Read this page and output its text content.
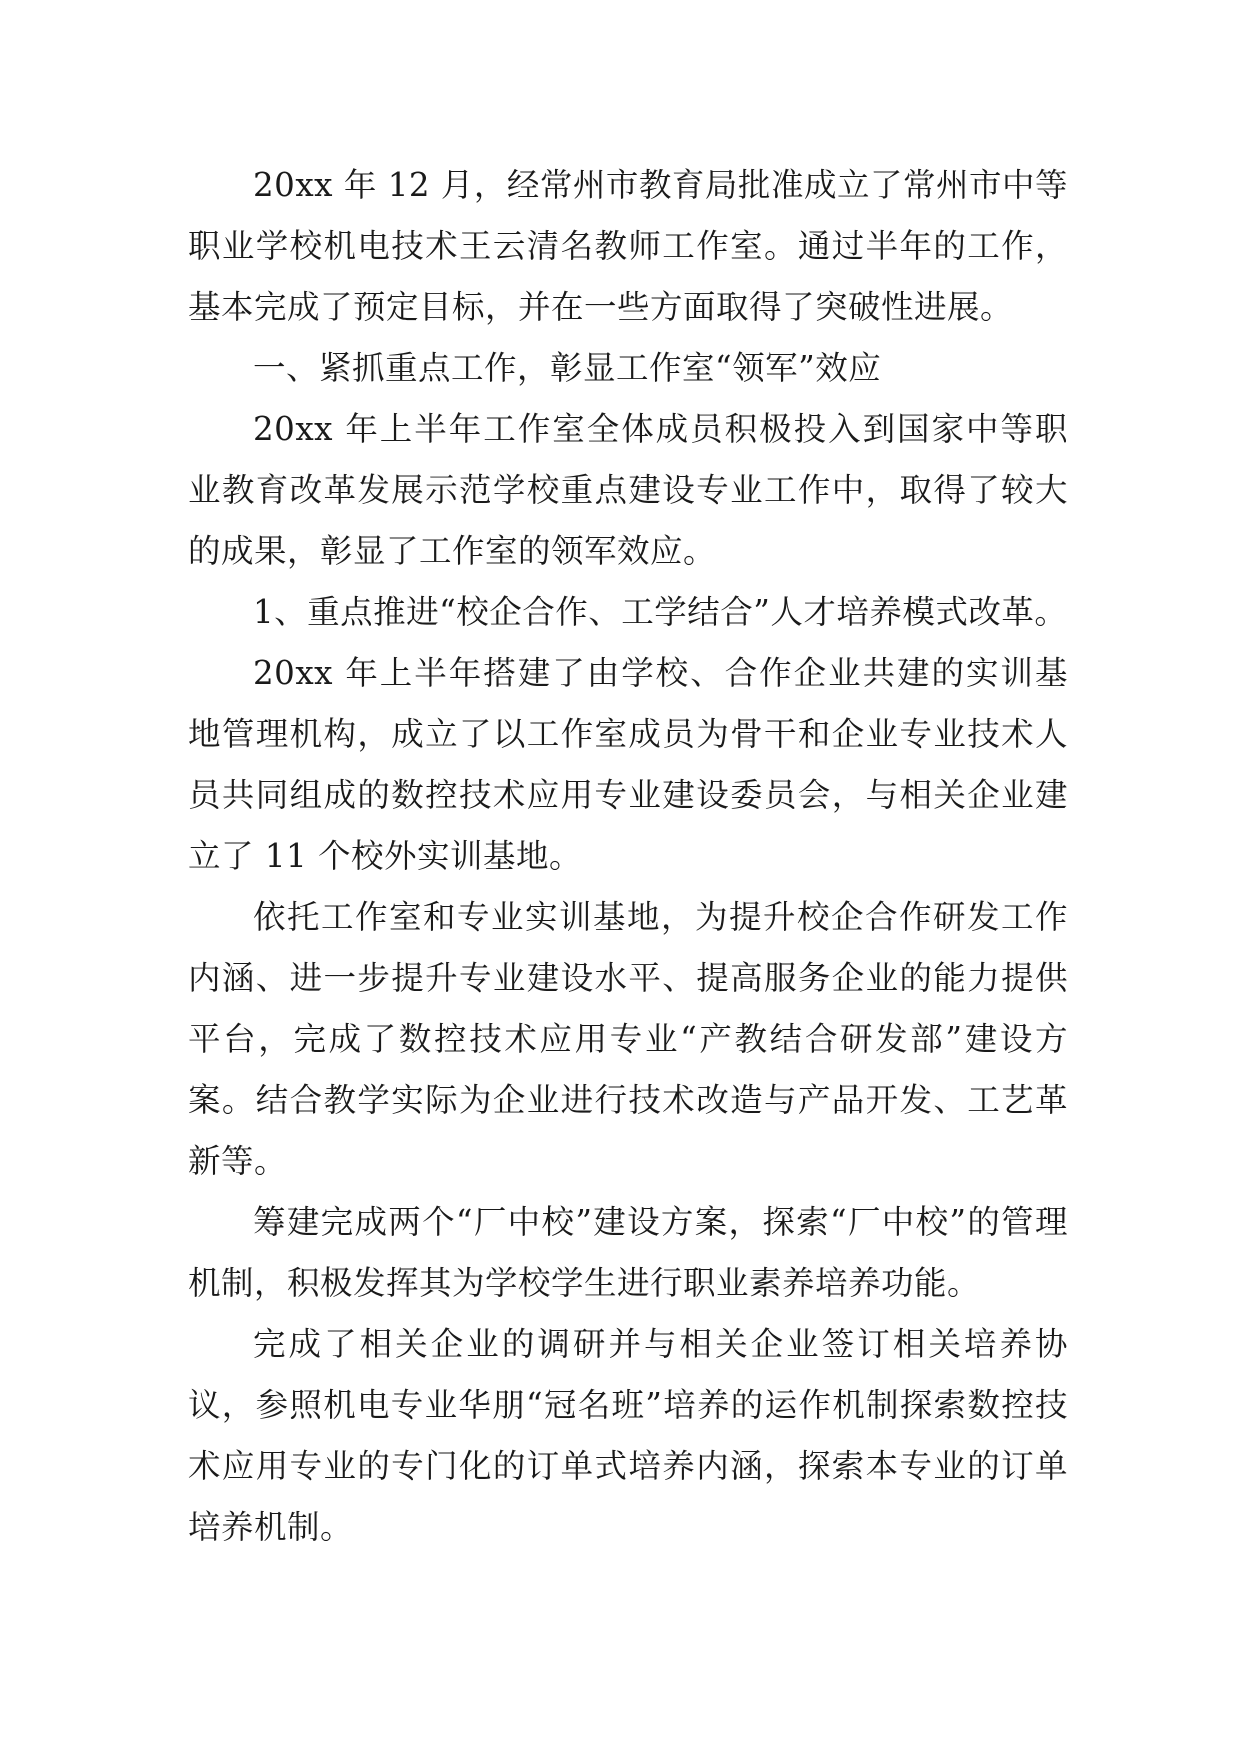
20xx 年 12 月，经常州市教育局批准成立了常州市中等职业学校机电技术王云清名教师工作室。通过半年的工作，基本完成了预定目标，并在一些方面取得了突破性进展。

一、紧抓重点工作，彰显工作室“领军”效应

20xx 年上半年工作室全体成员积极投入到国家中等职业教育改革发展示范学校重点建设专业工作中，取得了较大的成果，彰显了工作室的领军效应。

1、重点推进“校企合作、工学结合”人才培养模式改革。

20xx 年上半年搭建了由学校、合作企业共建的实训基地管理机构，成立了以工作室成员为骨干和企业专业技术人员共同组成的数控技术应用专业建设委员会，与相关企业建立了 11 个校外实训基地。

依托工作室和专业实训基地，为提升校企合作研发工作内涵、进一步提升专业建设水平、提高服务企业的能力提供平台，完成了数控技术应用专业“产教结合研发部”建设方案。结合教学实际为企业进行技术改造与产品开发、工艺革新等。

筹建完成两个“厂中校”建设方案，探索“厂中校”的管理机制，积极发挥其为学校学生进行职业素养培养功能。

完成了相关企业的调研并与相关企业签订相关培养协议，参照机电专业华朋“冠名班”培养的运作机制探索数控技术应用专业的专门化的订单式培养内涵，探索本专业的订单培养机制。
